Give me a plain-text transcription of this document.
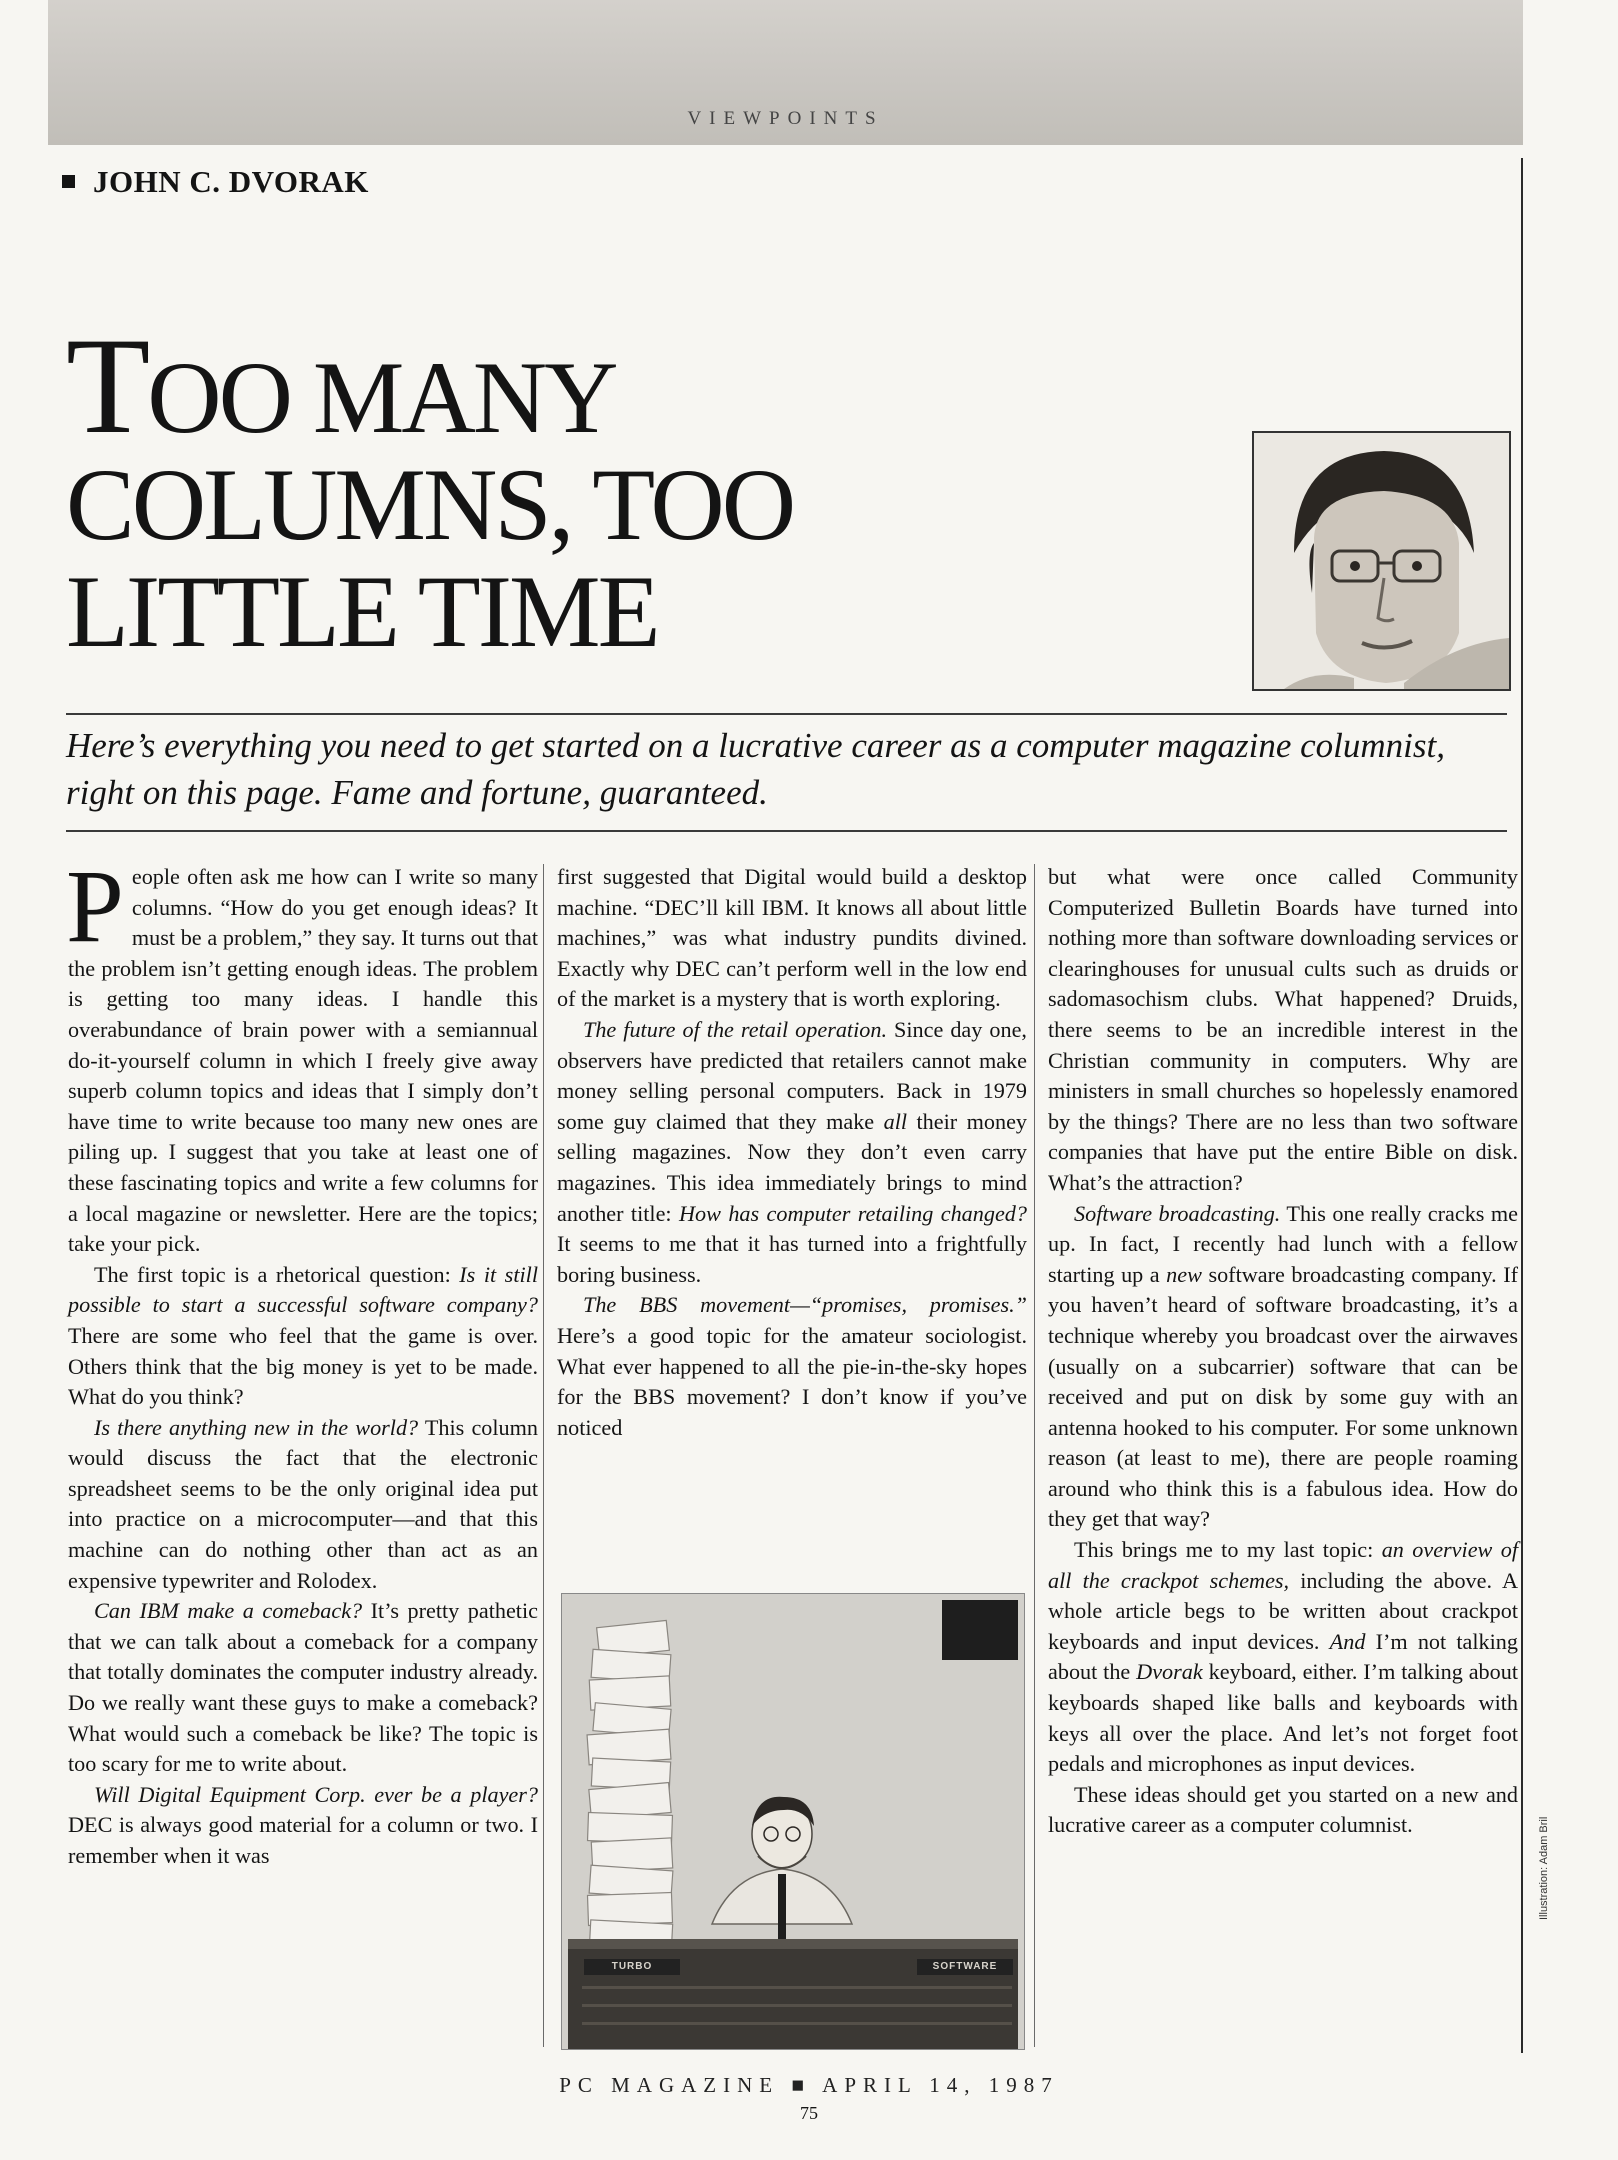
VIEWPOINTS
JOHN C. DVORAK
TOO MANY
COLUMNS, TOO
LITTLE TIME
Here’s everything you need to get started on a lucrative career as a computer magazine columnist, right on this page. Fame and fortune, guaranteed.

People often ask me how can I write so many columns. “How do you get enough ideas? It must be a problem,” they say. It turns out that the problem isn’t getting enough ideas. The problem is getting too many ideas. I handle this overabundance of brain power with a semiannual do-it-yourself column in which I freely give away superb column topics and ideas that I simply don’t have time to write because too many new ones are piling up. I suggest that you take at least one of these fascinating topics and write a few columns for a local magazine or newsletter. Here are the topics; take your pick.

The first topic is a rhetorical question: Is it still possible to start a successful software company? There are some who feel that the game is over. Others think that the big money is yet to be made. What do you think?

Is there anything new in the world? This column would discuss the fact that the electronic spreadsheet seems to be the only original idea put into practice on a microcomputer—and that this machine can do nothing other than act as an expensive typewriter and Rolodex.

Can IBM make a comeback? It’s pretty pathetic that we can talk about a comeback for a company that totally dominates the computer industry already. Do we really want these guys to make a comeback? What would such a comeback be like? The topic is too scary for me to write about.

Will Digital Equipment Corp. ever be a player? DEC is always good material for a column or two. I remember when it was

first suggested that Digital would build a desktop machine. “DEC’ll kill IBM. It knows all about little machines,” was what industry pundits divined. Exactly why DEC can’t perform well in the low end of the market is a mystery that is worth exploring.

The future of the retail operation. Since day one, observers have predicted that retailers cannot make money selling personal computers. Back in 1979 some guy claimed that they make all their money selling magazines. Now they don’t even carry magazines. This idea immediately brings to mind another title: How has computer retailing changed? It seems to me that it has turned into a frightfully boring business.

The BBS movement—“promises, promises.” Here’s a good topic for the amateur sociologist. What ever happened to all the pie-in-the-sky hopes for the BBS movement? I don’t know if you’ve noticed

TURBO	SOFTWARE

but what were once called Community Computerized Bulletin Boards have turned into nothing more than software downloading services or clearinghouses for unusual cults such as druids or sadomasochism clubs. What happened? Druids, there seems to be an incredible interest in the Christian community in computers. Why are ministers in small churches so hopelessly enamored by the things? There are no less than two software companies that have put the entire Bible on disk. What’s the attraction?

Software broadcasting. This one really cracks me up. In fact, I recently had lunch with a fellow starting up a new software broadcasting company. If you haven’t heard of software broadcasting, it’s a technique whereby you broadcast over the airwaves (usually on a subcarrier) software that can be received and put on disk by some guy with an antenna hooked to his computer. For some unknown reason (at least to me), there are people roaming around who think this is a fabulous idea. How do they get that way?

This brings me to my last topic: an overview of all the crackpot schemes, including the above. A whole article begs to be written about crackpot keyboards and input devices. And I’m not talking about the Dvorak keyboard, either. I’m talking about keyboards shaped like balls and keyboards with keys all over the place. And let’s not forget foot pedals and microphones as input devices.

These ideas should get you started on a new and lucrative career as a computer columnist.	Illustration: Adam Bril
PC MAGAZINE ■ APRIL 14, 1987
75
